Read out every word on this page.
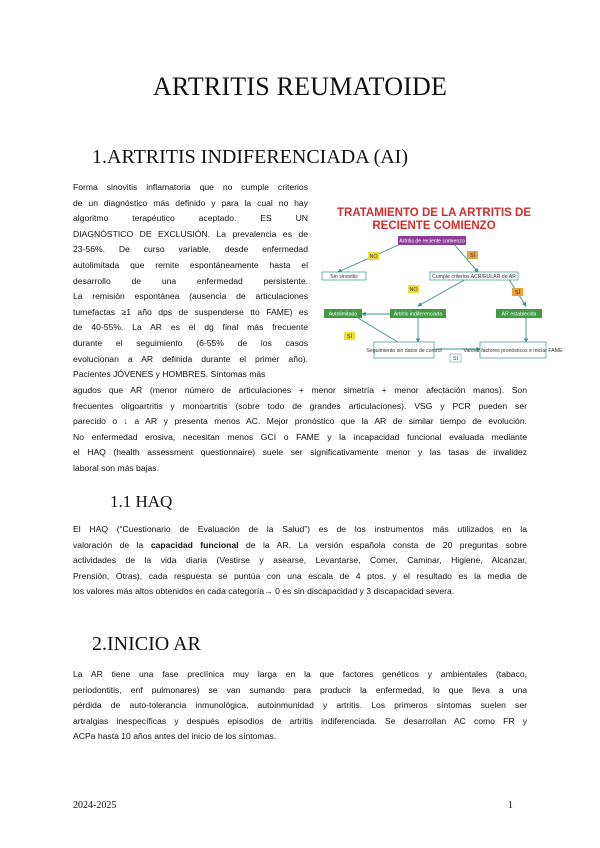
ARTRITIS REUMATOIDE
1.ARTRITIS INDIFERENCIADA (AI)
Forma sinovitis inflamatoria que no cumple criterios
de un diagnóstico más definido y para la cual no hay
algoritmo terapéutico aceptado. ES UN
DIAGNÓSTICO DE EXCLUSIÓN. La prevalencia es de
23-56%. De curso variable, desde enfermedad
autolimitada que remite espontáneamente hasta el
desarrollo de una enfermedad persistente.
La remisión espontánea (ausencia de articulaciones
tumefactas ≥1 año dps de suspenderse tto FAME) es
de 40-55%. La AR es el dg final más frecuente
durante el seguimiento (6-55% de los casos
evolucionan a AR definida durante el primer año).
Pacientes JÓVENES y HOMBRES. Síntomas más
agudos que AR (menor número de articulaciones + menor simetría + menor afectación manos). Son
frecuentes oligoartritis y monoartritis (sobre todo de grandes articulaciones). VSG y PCR pueden ser
parecido o ↓ a AR y presenta menos AC. Mejor pronóstico que la AR de similar tiempo de evolución.
No enfermedad erosiva, necesitan menos GCI o FAME y la incapacidad funcional evaluada mediante
el HAQ (health assessment questionnaire) suele ser significativamente menor y las tasas de invalidez
laboral son más bajas.
TRATAMIENTO DE LA ARTRITIS DE
RECIENTE COMIENZO
Artritis de reciente comienzo
Sin sinovitis	Cumple criterios ACR/EULAR de AR
Autolimitada	Artritis indiferenciada	AR establecida
Seguimiento sin datos de control	Valorar factores pronósticos e iniciar FAME
NO	SÍ
NO	SÍ
SÍ
SÍ
1.1 HAQ
El HAQ (“Cuestionario de Evaluación de la Salud”) es de los instrumentos más utilizados en la
valoración de la capacidad funcional de la AR. La versión española consta de 20 preguntas sobre
actividades de la vida diaria (Vestirse y asearse, Levantarse, Comer, Caminar, Higiene, Alcanzar,
Prensión, Otras), cada respuesta se puntúa con una escala de 4 ptos. y el resultado es la media de
los valores más altos obtenidos en cada categoría→ 0 es sin discapacidad y 3 discapacidad severa.
2.INICIO AR
La AR tiene una fase preclínica muy larga en la que factores genéticos y ambientales (tabaco,
periodontitis, enf pulmonares) se van sumando para producir la enfermedad, lo que lleva a una
pérdida de auto-tolerancia inmunológica, autoinmunidad y artritis. Los primeros síntomas suelen ser
artralgias inespecíficas y después episodios de artritis indiferenciada. Se desarrollan AC como FR y
ACPa hasta 10 años antes del inicio de los síntomas.
2024-2025	1
